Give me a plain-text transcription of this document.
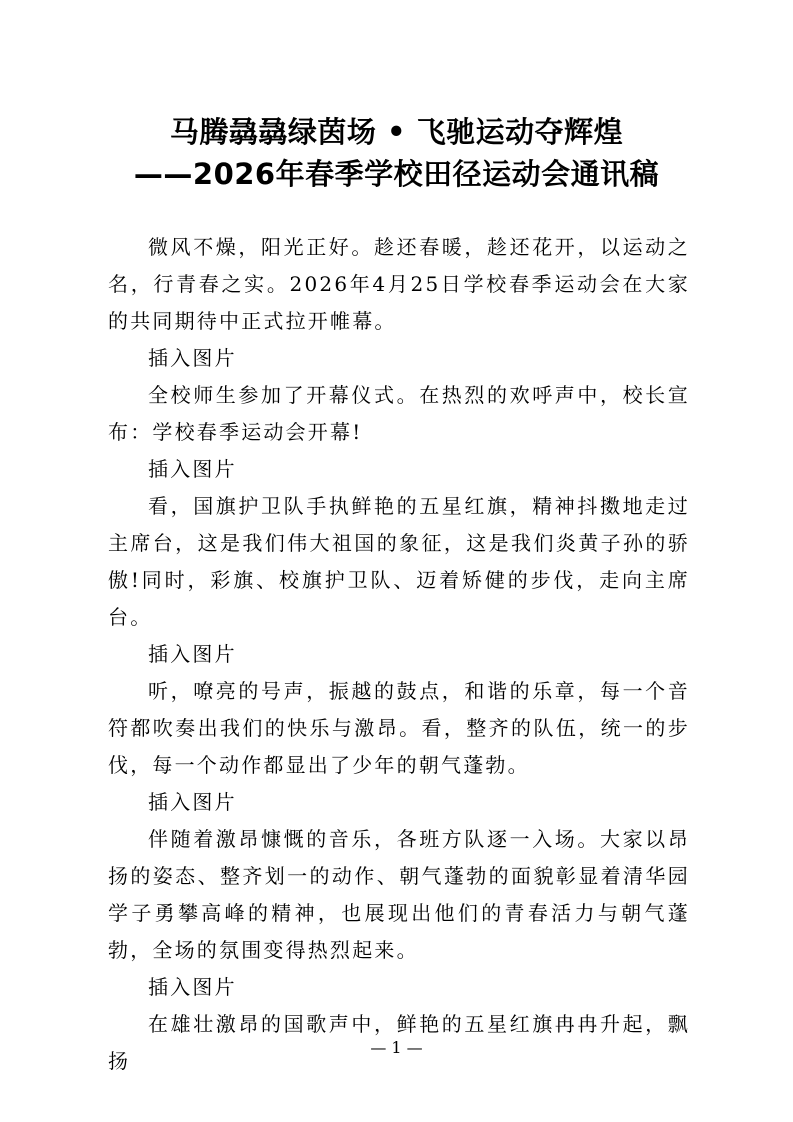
马腾骉骉绿茵场 • 飞驰运动夺辉煌
——2026年春季学校田径运动会通讯稿

微风不燥，阳光正好。趁还春暖，趁还花开，以运动之名，行青春之实。2026年4月25日学校春季运动会在大家的共同期待中正式拉开帷幕。

插入图片

全校师生参加了开幕仪式。在热烈的欢呼声中，校长宣布：学校春季运动会开幕!

插入图片

看，国旗护卫队手执鲜艳的五星红旗，精神抖擞地走过主席台，这是我们伟大祖国的象征，这是我们炎黄子孙的骄傲!同时，彩旗、校旗护卫队、迈着矫健的步伐，走向主席台。

插入图片

听，嘹亮的号声，振越的鼓点，和谐的乐章，每一个音符都吹奏出我们的快乐与激昂。看，整齐的队伍，统一的步伐，每一个动作都显出了少年的朝气蓬勃。

插入图片

伴随着激昂慷慨的音乐，各班方队逐一入场。大家以昂扬的姿态、整齐划一的动作、朝气蓬勃的面貌彰显着清华园学子勇攀高峰的精神，也展现出他们的青春活力与朝气蓬勃，全场的氛围变得热烈起来。

插入图片

在雄壮激昂的国歌声中，鲜艳的五星红旗冉冉升起，飘扬

— 1 —
